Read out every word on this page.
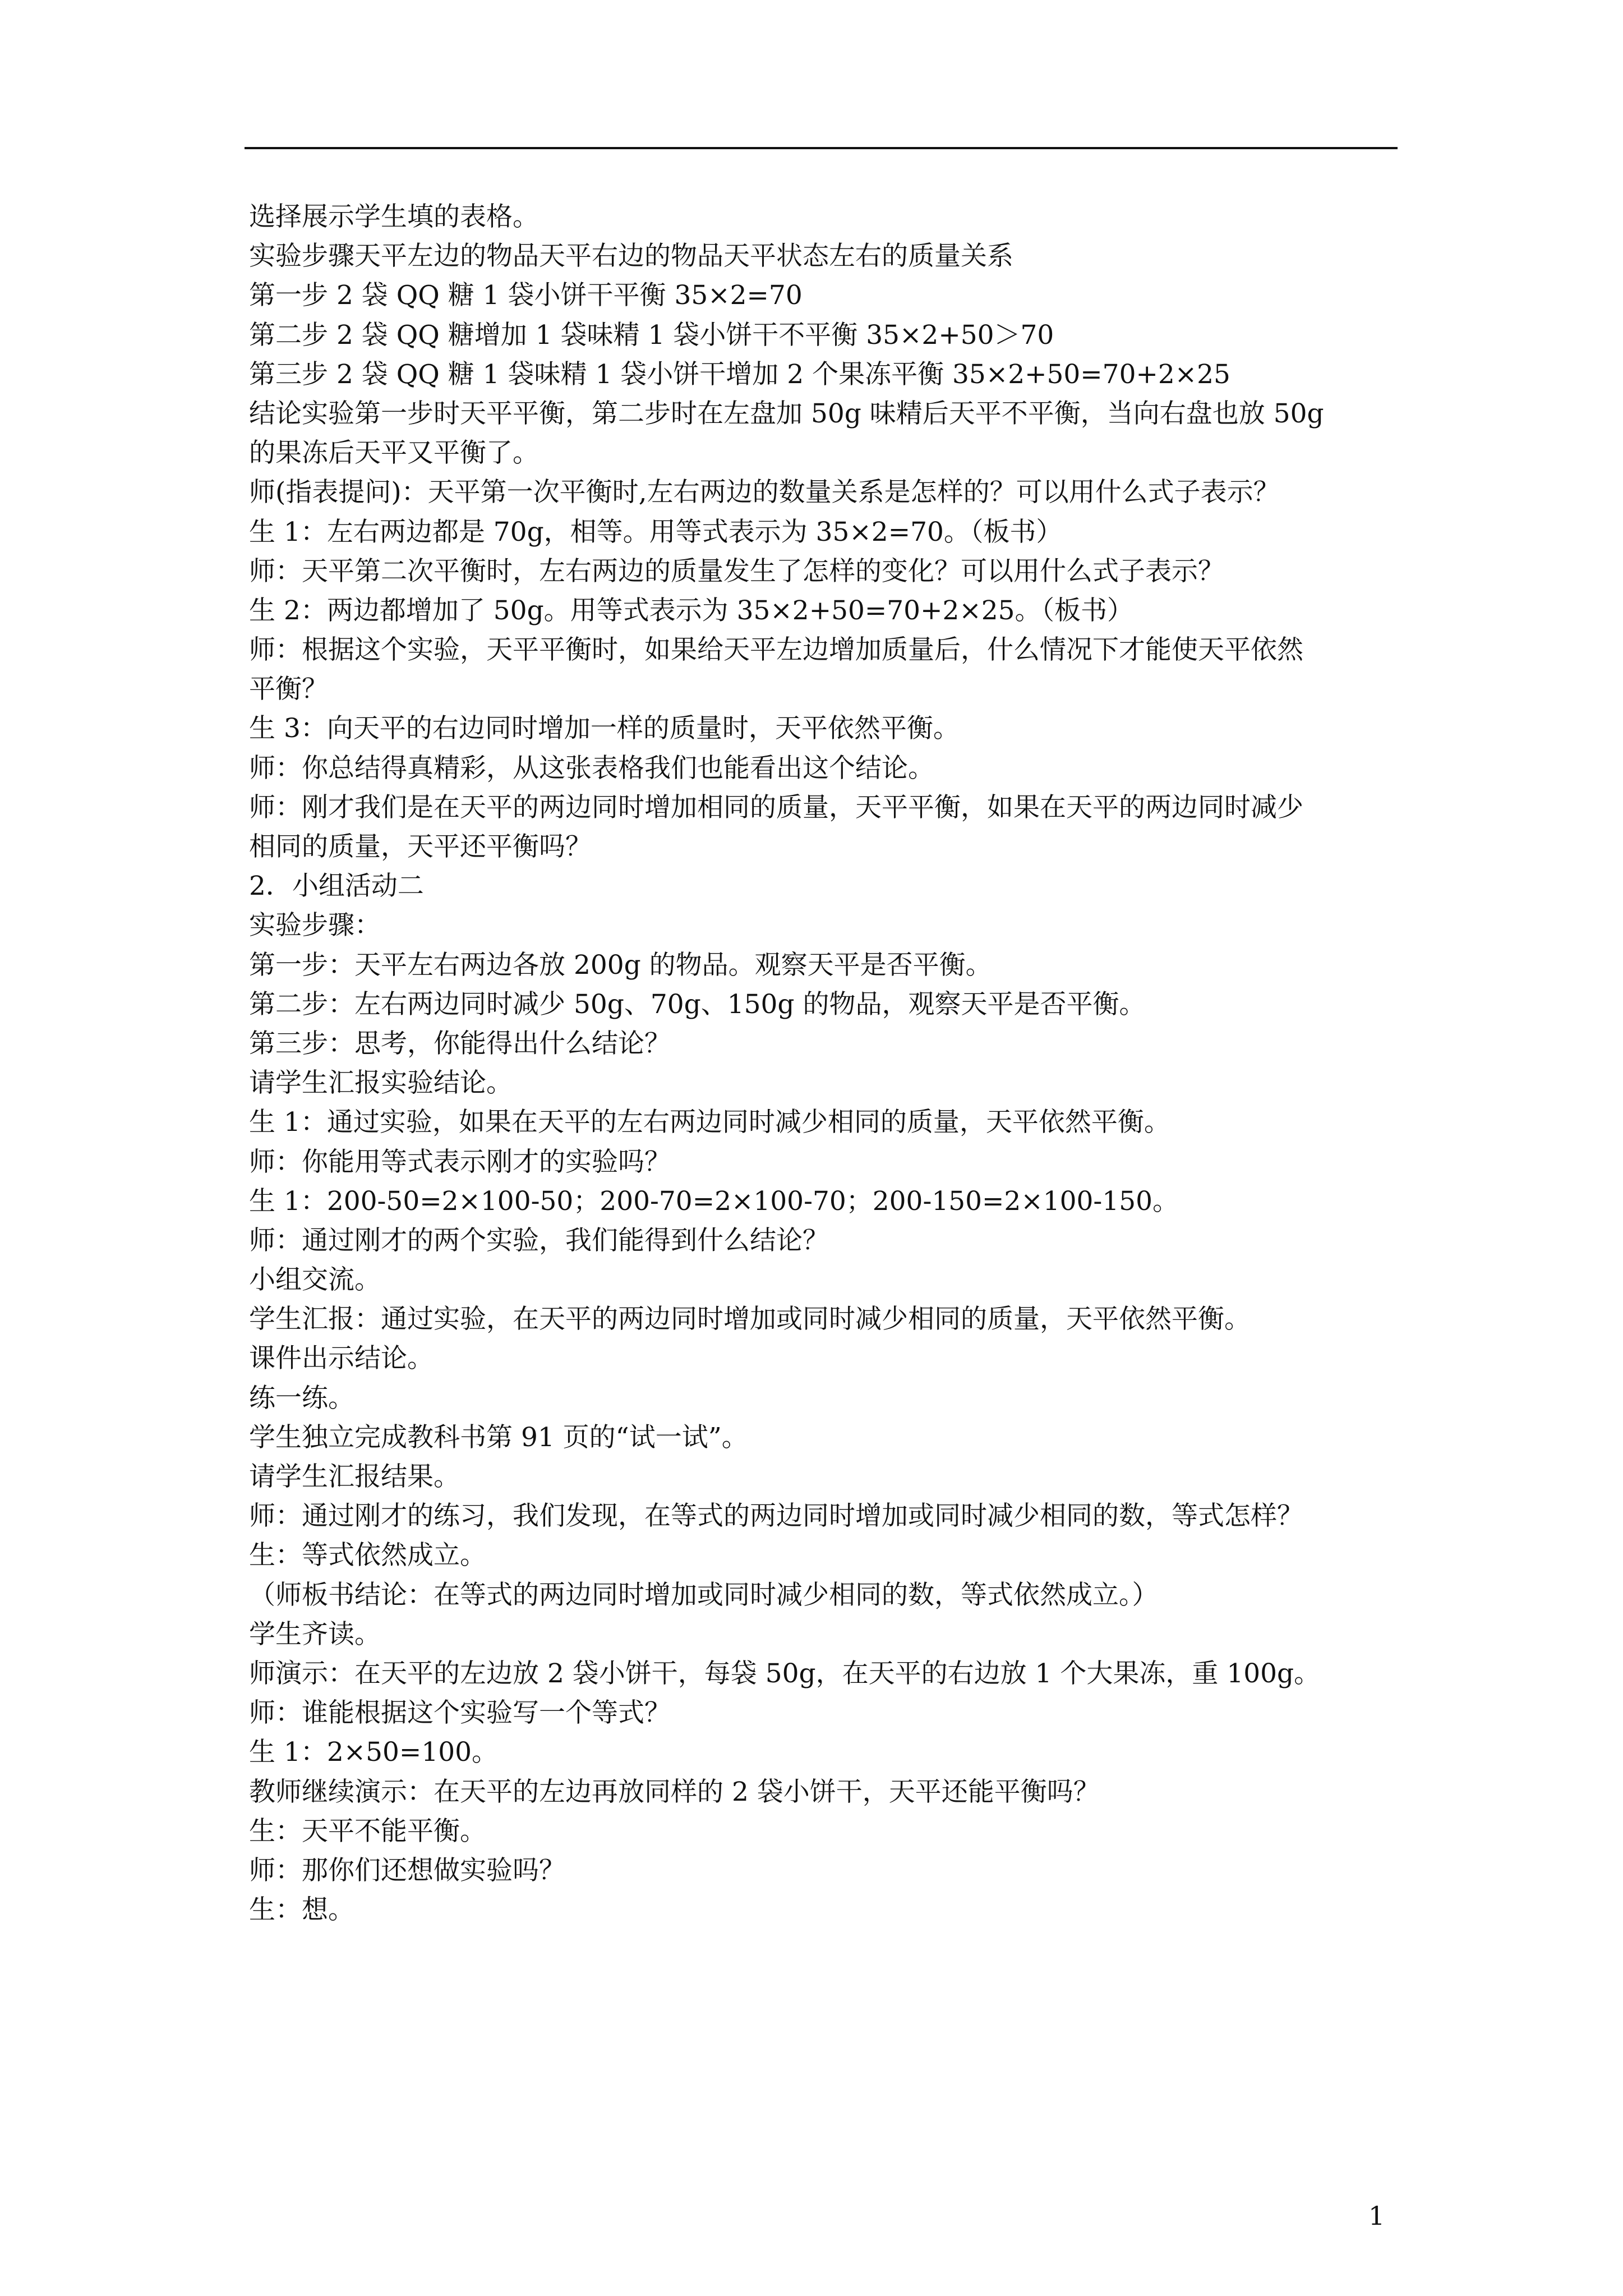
选择展示学生填的表格。
实验步骤天平左边的物品天平右边的物品天平状态左右的质量关系
第一步 2 袋 QQ 糖 1 袋小饼干平衡 35×2=70
第二步 2 袋 QQ 糖增加 1 袋味精 1 袋小饼干不平衡 35×2+50＞70
第三步 2 袋 QQ 糖 1 袋味精 1 袋小饼干增加 2 个果冻平衡 35×2+50=70+2×25
结论实验第一步时天平平衡，第二步时在左盘加 50g 味精后天平不平衡，当向右盘也放 50g
的果冻后天平又平衡了。
师(指表提问)：天平第一次平衡时,左右两边的数量关系是怎样的？可以用什么式子表示？
生 1：左右两边都是 70g，相等。用等式表示为 35×2=70。（板书）
师：天平第二次平衡时，左右两边的质量发生了怎样的变化？可以用什么式子表示？
生 2：两边都增加了 50g。用等式表示为 35×2+50=70+2×25。（板书）
师：根据这个实验，天平平衡时，如果给天平左边增加质量后，什么情况下才能使天平依然
平衡？
生 3：向天平的右边同时增加一样的质量时，天平依然平衡。
师：你总结得真精彩，从这张表格我们也能看出这个结论。
师：刚才我们是在天平的两边同时增加相同的质量，天平平衡，如果在天平的两边同时减少
相同的质量，天平还平衡吗？
2．小组活动二
实验步骤：
第一步：天平左右两边各放 200g 的物品。观察天平是否平衡。
第二步：左右两边同时减少 50g、70g、150g 的物品，观察天平是否平衡。
第三步：思考，你能得出什么结论？
请学生汇报实验结论。
生 1：通过实验，如果在天平的左右两边同时减少相同的质量，天平依然平衡。
师：你能用等式表示刚才的实验吗？
生 1：200-50=2×100-50；200-70=2×100-70；200-150=2×100-150。
师：通过刚才的两个实验，我们能得到什么结论？
小组交流。
学生汇报：通过实验，在天平的两边同时增加或同时减少相同的质量，天平依然平衡。
课件出示结论。
练一练。
学生独立完成教科书第 91 页的“试一试”。
请学生汇报结果。
师：通过刚才的练习，我们发现，在等式的两边同时增加或同时减少相同的数，等式怎样？
生：等式依然成立。
（师板书结论：在等式的两边同时增加或同时减少相同的数，等式依然成立。）
学生齐读。
师演示：在天平的左边放 2 袋小饼干，每袋 50g，在天平的右边放 1 个大果冻，重 100g。
师：谁能根据这个实验写一个等式？
生 1：2×50=100。
教师继续演示：在天平的左边再放同样的 2 袋小饼干，天平还能平衡吗？
生：天平不能平衡。
师：那你们还想做实验吗？
生：想。
1
